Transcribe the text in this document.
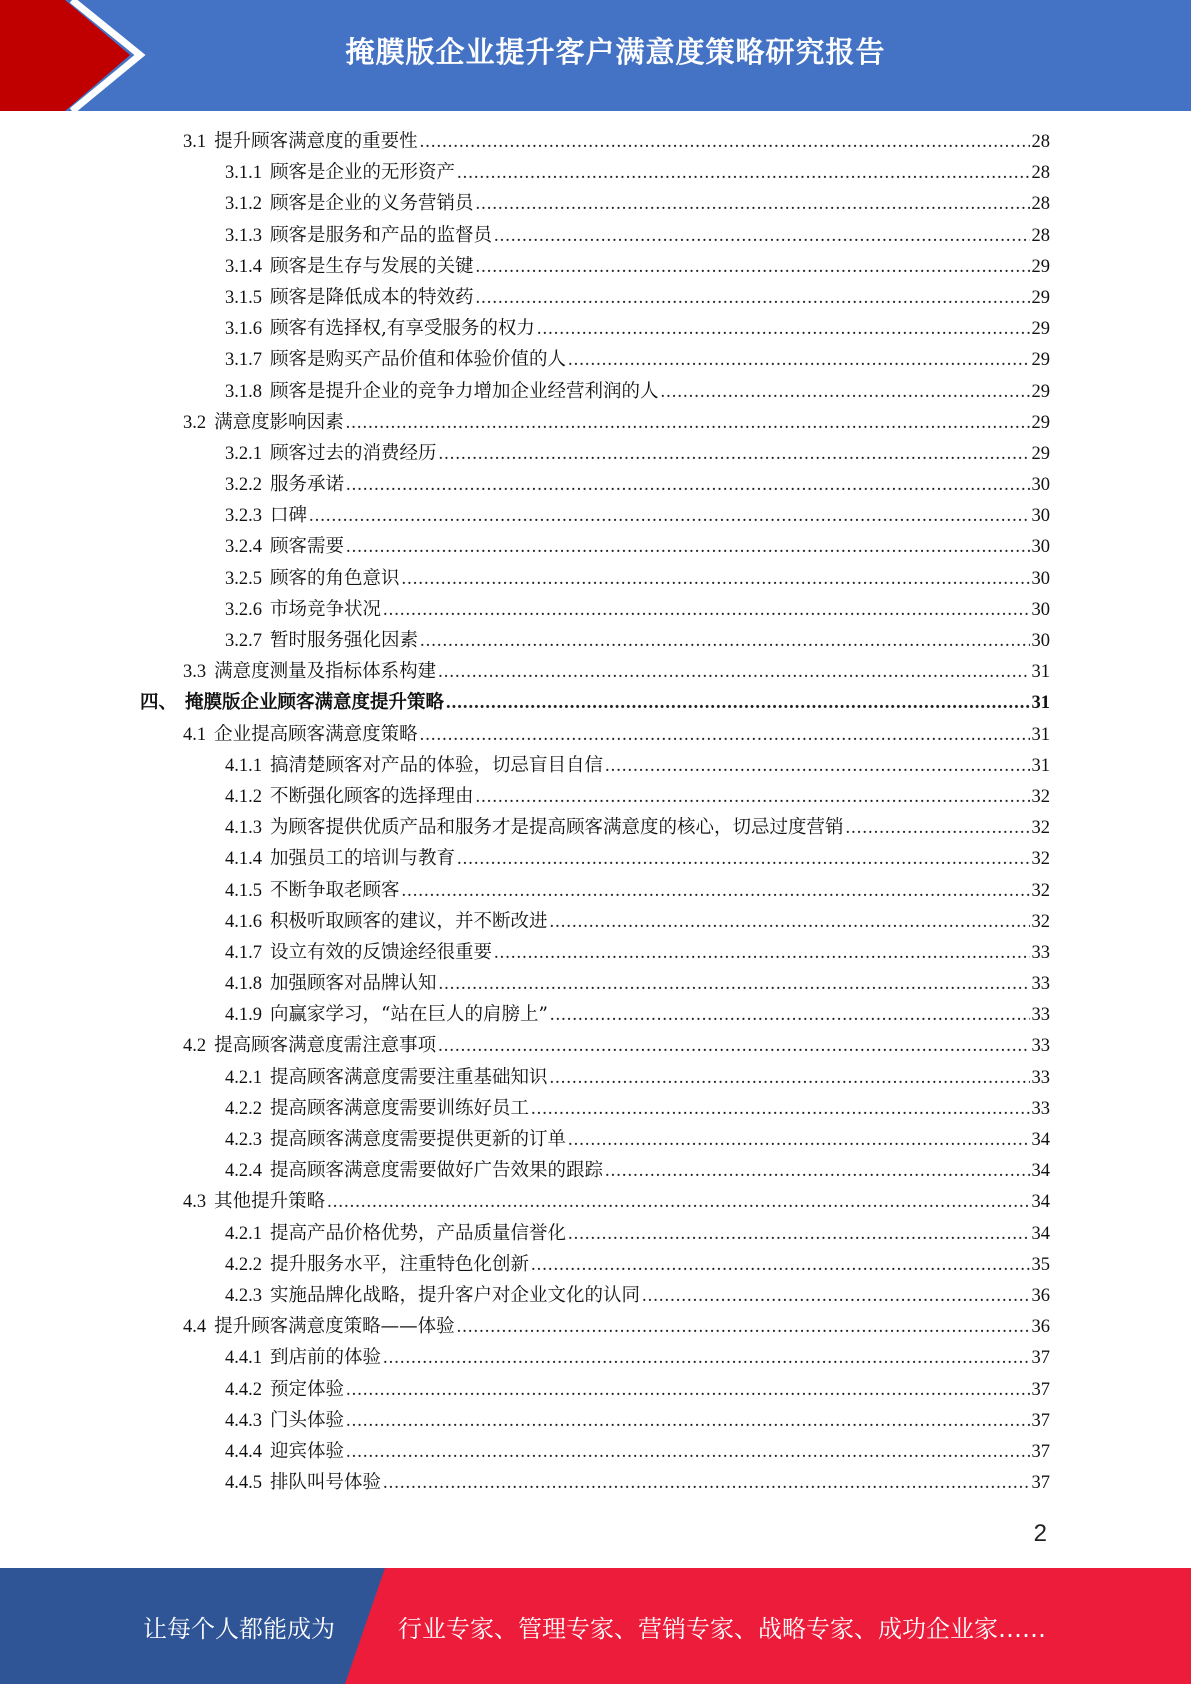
掩膜版企业提升客户满意度策略研究报告
3.1 提升顾客满意度的重要性 .....	28
3.1.1 顾客是企业的无形资产 .....	28
3.1.2 顾客是企业的义务营销员 .....	28
3.1.3 顾客是服务和产品的监督员 .....	28
3.1.4 顾客是生存与发展的关键 .....	29
3.1.5 顾客是降低成本的特效药 .....	29
3.1.6 顾客有选择权,有享受服务的权力 .....	29
3.1.7 顾客是购买产品价值和体验价值的人 .....	29
3.1.8 顾客是提升企业的竞争力增加企业经营利润的人 .....	29
3.2 满意度影响因素 .....	29
3.2.1 顾客过去的消费经历 .....	29
3.2.2 服务承诺 .....	30
3.2.3 口碑 .....	30
3.2.4 顾客需要 .....	30
3.2.5 顾客的角色意识 .....	30
3.2.6 市场竞争状况 .....	30
3.2.7 暂时服务强化因素 .....	30
3.3 满意度测量及指标体系构建 .....	31
四、 掩膜版企业顾客满意度提升策略 .....	31
4.1 企业提高顾客满意度策略 .....	31
4.1.1 搞清楚顾客对产品的体验，切忌盲目自信 .....	31
4.1.2 不断强化顾客的选择理由 .....	32
4.1.3 为顾客提供优质产品和服务才是提高顾客满意度的核心，切忌过度营销 .....	32
4.1.4 加强员工的培训与教育 .....	32
4.1.5 不断争取老顾客 .....	32
4.1.6 积极听取顾客的建议，并不断改进 .....	32
4.1.7 设立有效的反馈途经很重要 .....	33
4.1.8 加强顾客对品牌认知 .....	33
4.1.9 向赢家学习，“站在巨人的肩膀上” .....	33
4.2 提高顾客满意度需注意事项 .....	33
4.2.1 提高顾客满意度需要注重基础知识 .....	33
4.2.2 提高顾客满意度需要训练好员工 .....	33
4.2.3 提高顾客满意度需要提供更新的订单 .....	34
4.2.4 提高顾客满意度需要做好广告效果的跟踪 .....	34
4.3 其他提升策略 .....	34
4.2.1 提高产品价格优势，产品质量信誉化 .....	34
4.2.2 提升服务水平，注重特色化创新 .....	35
4.2.3 实施品牌化战略，提升客户对企业文化的认同 .....	36
4.4 提升顾客满意度策略——体验 .....	36
4.4.1 到店前的体验 .....	37
4.4.2 预定体验 .....	37
4.4.3 门头体验 .....	37
4.4.4 迎宾体验 .....	37
4.4.5 排队叫号体验 .....	37
2
让每个人都能成为	行业专家、管理专家、营销专家、战略专家、成功企业家……
